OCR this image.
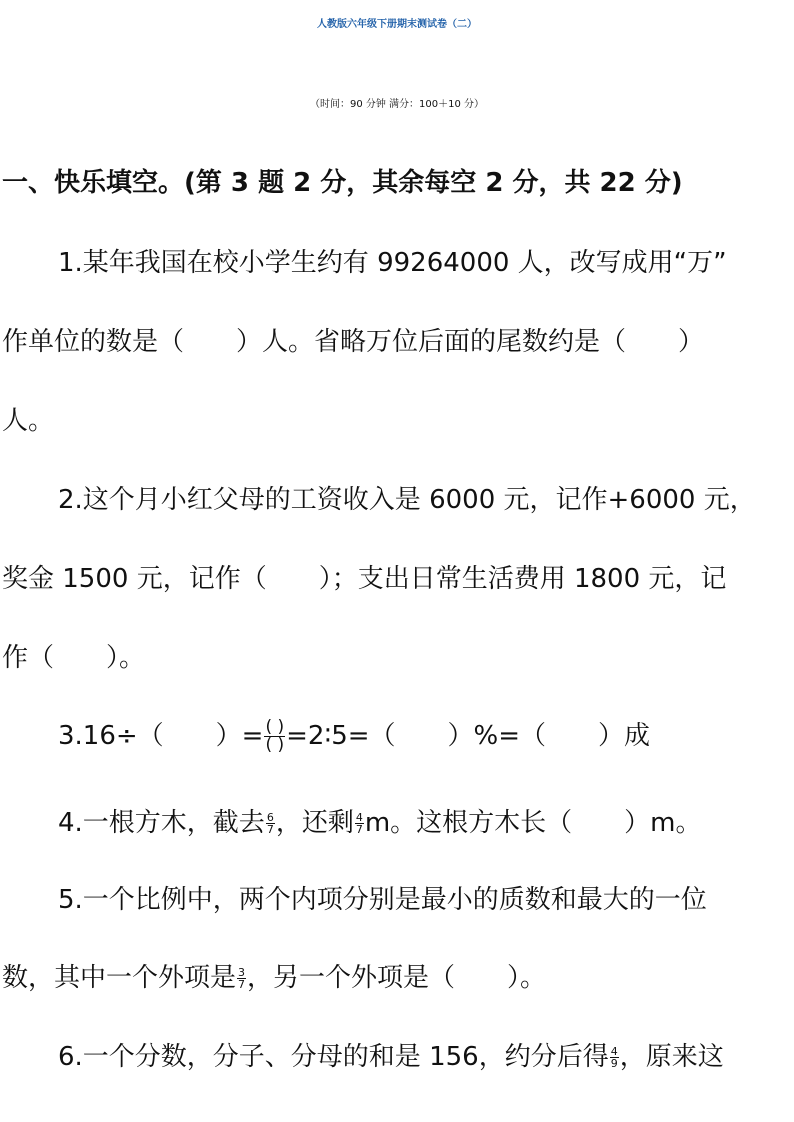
人教版六年级下册期末测试卷（二）
（时间：90 分钟 满分：100＋10 分）
一、快乐填空。(第 3 题 2 分，其余每空 2 分，共 22 分)
1.某年我国在校小学生约有 99264000 人，改写成用“万”
作单位的数是（　　）人。省略万位后面的尾数约是（　　）
人。
2.这个月小红父母的工资收入是 6000 元，记作+6000 元，
奖金 1500 元，记作（　　）；支出日常生活费用 1800 元，记
作（　　）。
3.16÷（　　）= ( )
( ) =2∶5=（　　）%=（　　）成
4.一根方木，截去 $\frac{6}{7}$ ，还剩 $\frac{4}{7}$ m。这根方木长（　　）m。
5.一个比例中，两个内项分别是最小的质数和最大的一位
数，其中一个外项是 $\frac{3}{7}$ ，另一个外项是（　　）。
6.一个分数，分子、分母的和是 156，约分后得 $\frac{4}{9}$ ，原来这
